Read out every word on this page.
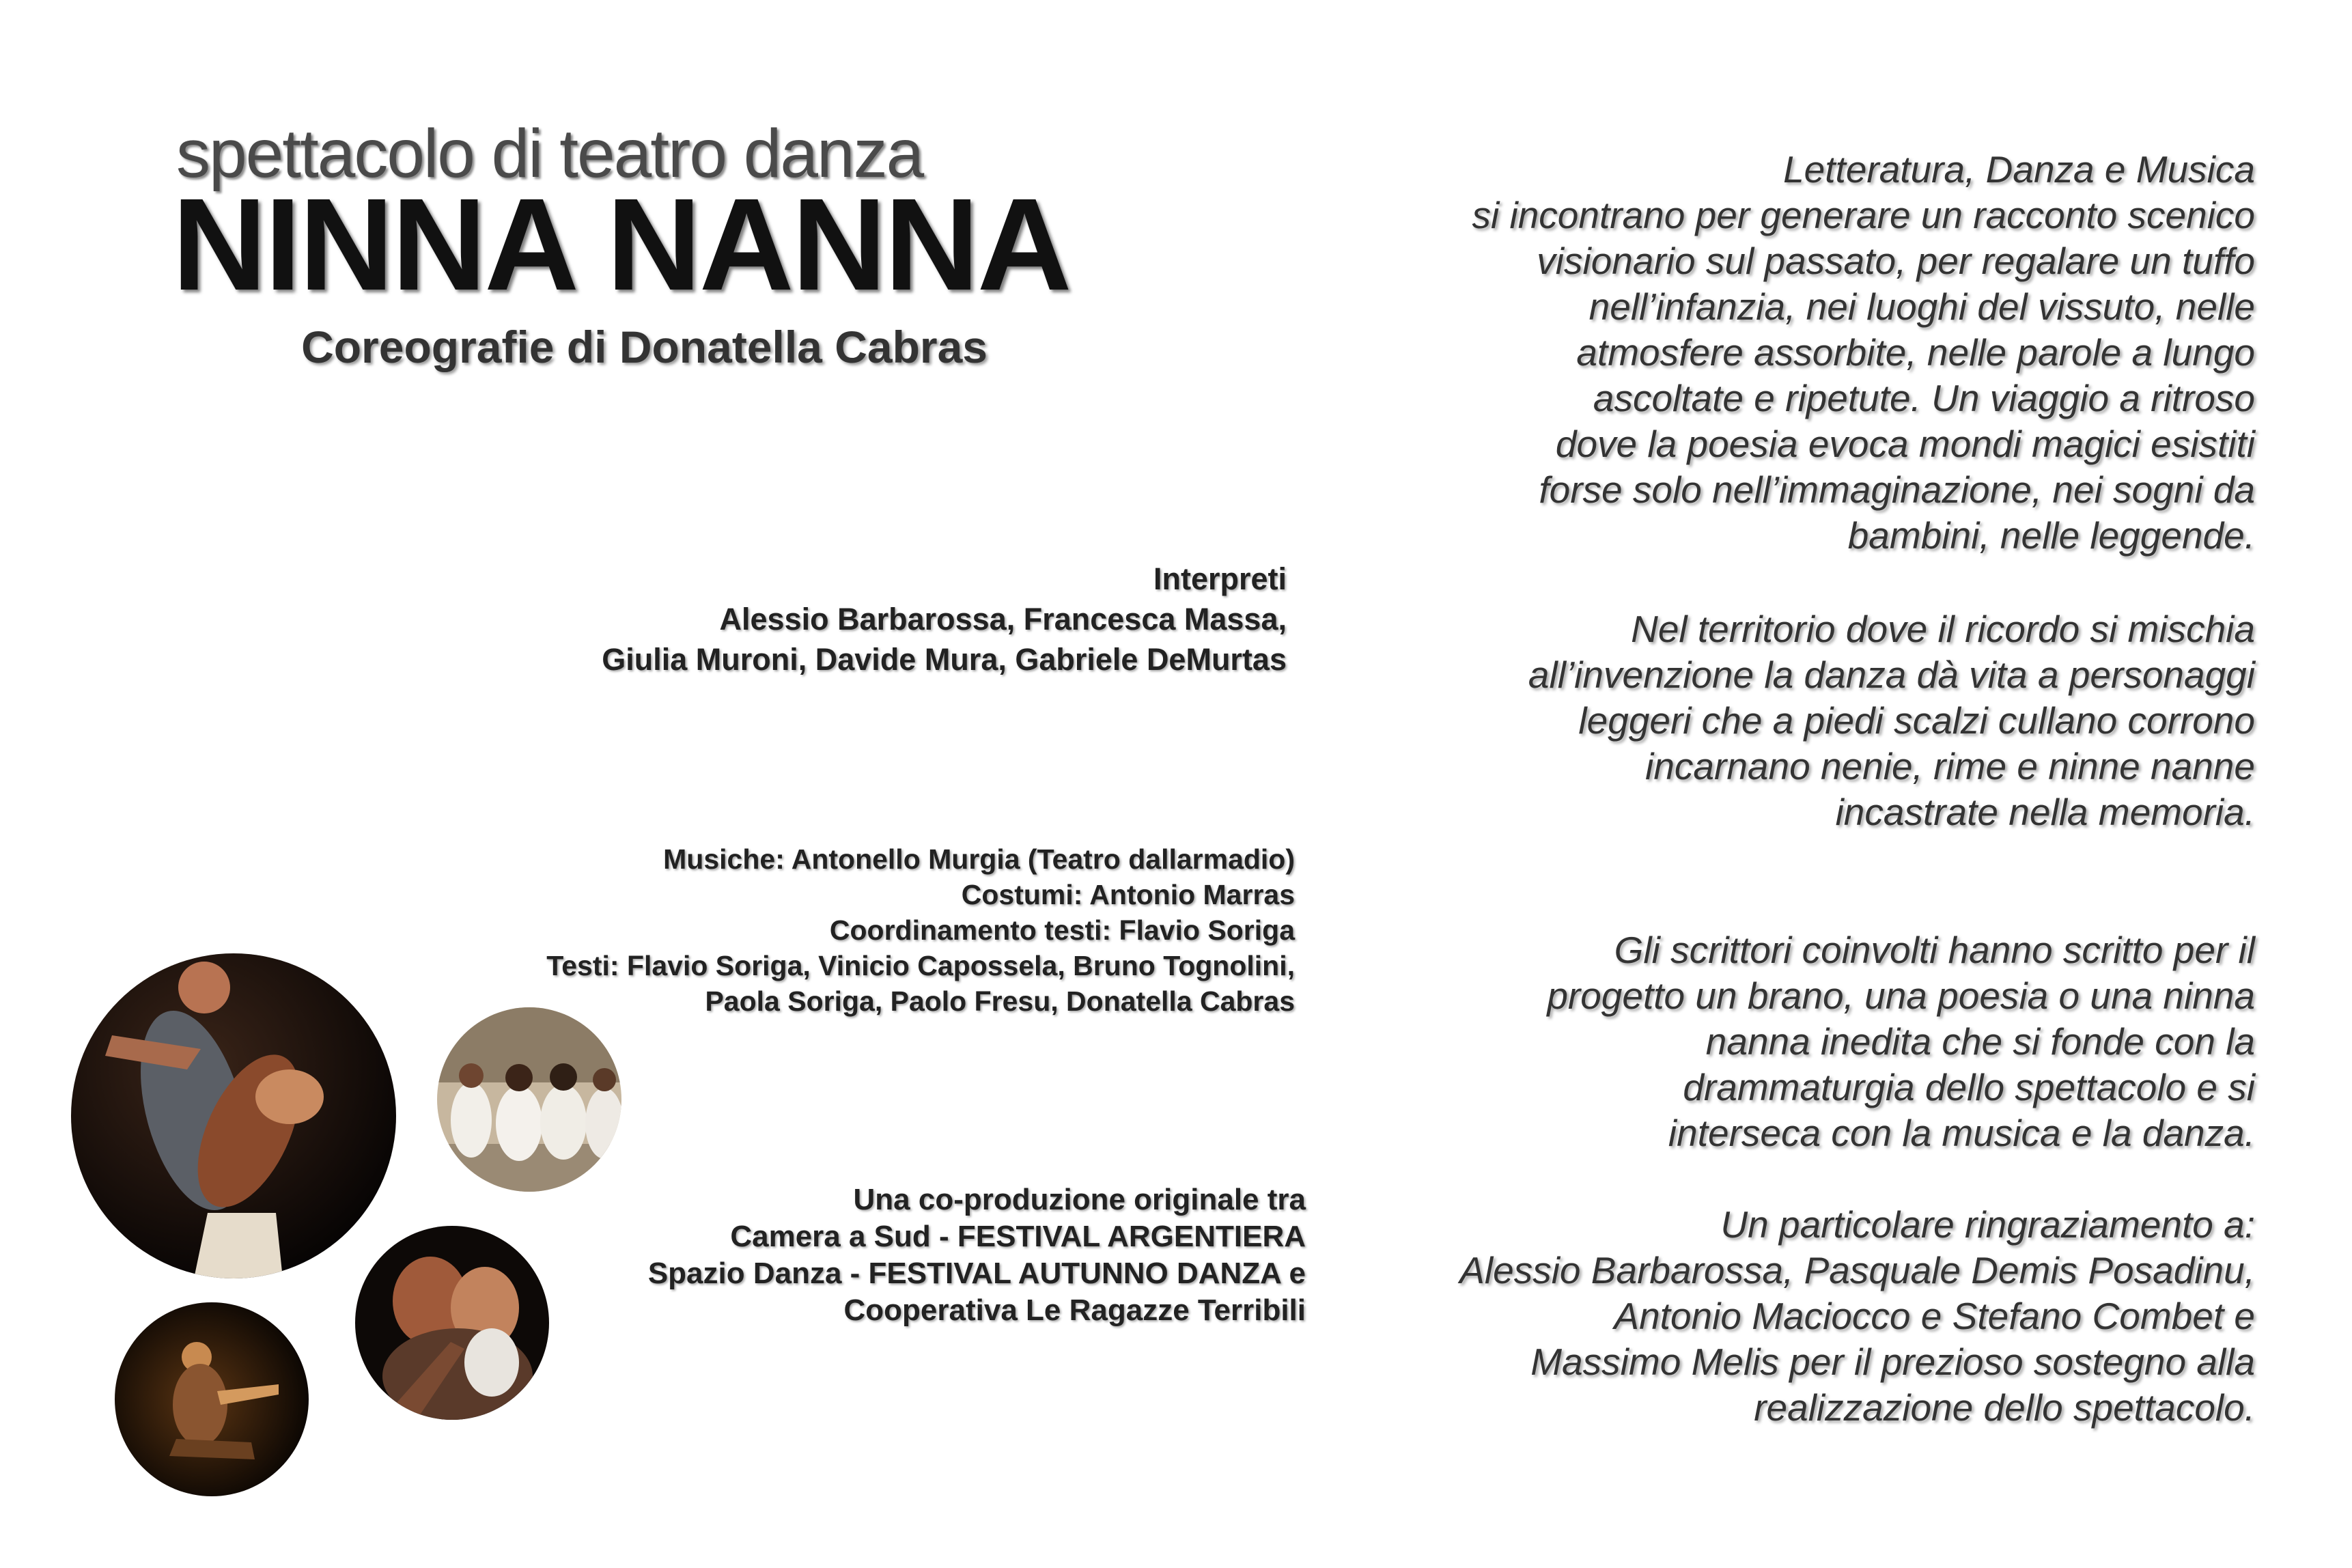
spettacolo di teatro danza
NINNA NANNA
Coreografie di Donatella Cabras
Interpreti
Alessio Barbarossa, Francesca Massa,
Giulia Muroni, Davide Mura, Gabriele DeMurtas
Musiche: Antonello Murgia (Teatro dallarmadio)
Costumi: Antonio Marras
Coordinamento testi: Flavio Soriga
Testi: Flavio Soriga, Vinicio Capossela, Bruno Tognolini,
Paola Soriga, Paolo Fresu, Donatella Cabras
Una co-produzione originale tra
Camera a Sud - FESTIVAL ARGENTIERA
Spazio Danza - FESTIVAL AUTUNNO DANZA e
Cooperativa Le Ragazze Terribili
Letteratura, Danza e Musica
si incontrano per generare un racconto scenico
visionario sul passato, per regalare un tuffo
nell’infanzia, nei luoghi del vissuto, nelle
atmosfere assorbite, nelle parole a lungo
ascoltate e ripetute. Un viaggio a ritroso
dove la poesia evoca mondi magici esistiti
forse solo nell’immaginazione, nei sogni da
bambini, nelle leggende.
Nel territorio dove il ricordo si mischia
all’invenzione la danza dà vita a personaggi
leggeri che a piedi scalzi cullano corrono
incarnano nenie, rime e ninne nanne
incastrate nella memoria.
Gli scrittori coinvolti hanno scritto per il
progetto un brano, una poesia o una ninna
nanna inedita che si fonde con la
drammaturgia dello spettacolo e si
interseca con la musica e la danza.
Un particolare ringraziamento a:
Alessio Barbarossa, Pasquale Demis Posadinu,
Antonio Maciocco e Stefano Combet e
Massimo Melis per il prezioso sostegno alla
realizzazione dello spettacolo.
